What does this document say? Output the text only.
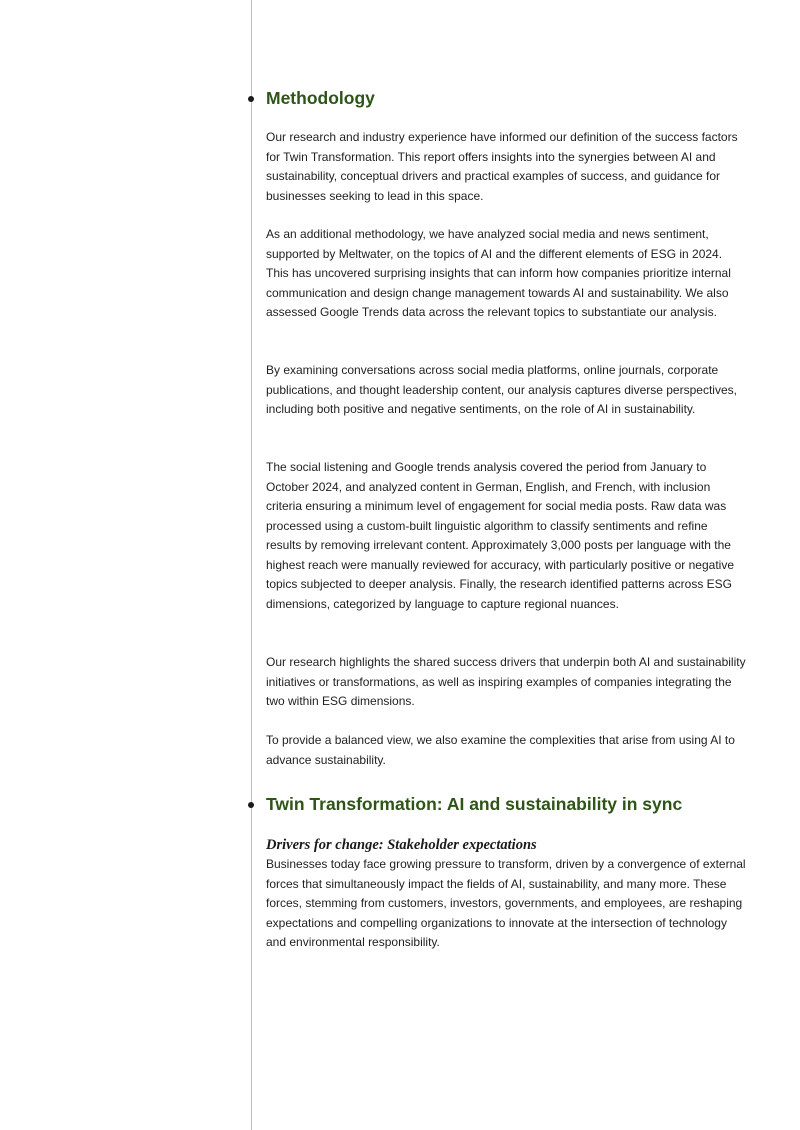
Methodology

Our research and industry experience have informed our definition of the success factors for Twin Transformation. This report offers insights into the synergies between AI and sustainability, conceptual drivers and practical examples of success, and guidance for businesses seeking to lead in this space.

As an additional methodology, we have analyzed social media and news sentiment, supported by Meltwater, on the topics of AI and the different elements of ESG in 2024. This has uncovered surprising insights that can inform how companies prioritize internal communication and design change management towards AI and sustainability. We also assessed Google Trends data across the relevant topics to substantiate our analysis.

By examining conversations across social media platforms, online journals, corporate publications, and thought leadership content, our analysis captures diverse perspectives, including both positive and negative sentiments, on the role of AI in sustainability.

The social listening and Google trends analysis covered the period from January to October 2024, and analyzed content in German, English, and French, with inclusion criteria ensuring a minimum level of engagement for social media posts. Raw data was processed using a custom-built linguistic algorithm to classify sentiments and refine results by removing irrelevant content. Approximately 3,000 posts per language with the highest reach were manually reviewed for accuracy, with particularly positive or negative topics subjected to deeper analysis. Finally, the research identified patterns across ESG dimensions, categorized by language to capture regional nuances.

Our research highlights the shared success drivers that underpin both AI and sustainability initiatives or transformations, as well as inspiring examples of companies integrating the two within ESG dimensions.

To provide a balanced view, we also examine the complexities that arise from using AI to advance sustainability.

Twin Transformation: AI and sustainability in sync
Drivers for change: Stakeholder expectations

Businesses today face growing pressure to transform, driven by a convergence of external forces that simultaneously impact the fields of AI, sustainability, and many more. These forces, stemming from customers, investors, governments, and employees, are reshaping expectations and compelling organizations to innovate at the intersection of technology and environmental responsibility.
